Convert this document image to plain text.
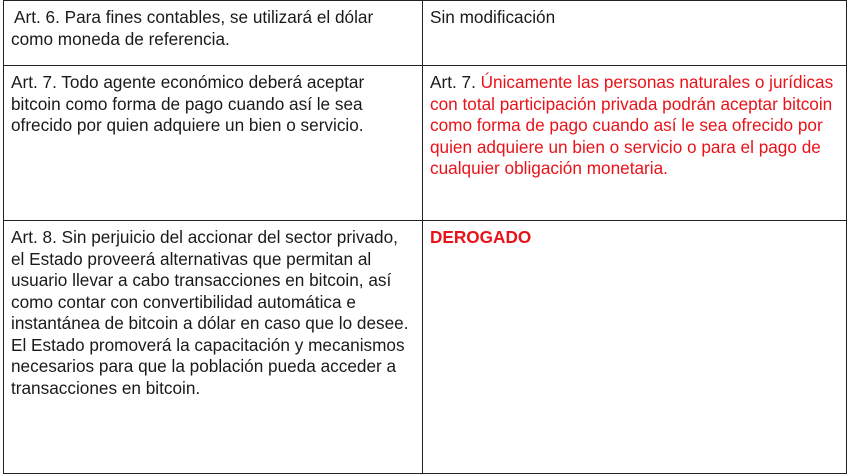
Art. 6. Para fines contables, se utilizará el dólar como moneda de referencia.	Sin modificación
Art. 7. Todo agente económico deberá aceptar bitcoin como forma de pago cuando así le sea ofrecido por quien adquiere un bien o servicio.	Art. 7. Únicamente las personas naturales o jurídicas con total participación privada podrán aceptar bitcoin como forma de pago cuando así le sea ofrecido por quien adquiere un bien o servicio o para el pago de cualquier obligación monetaria.
Art. 8. Sin perjuicio del accionar del sector privado, el Estado proveerá alternativas que permitan al usuario llevar a cabo transacciones en bitcoin, así como contar con convertibilidad automática e instantánea de bitcoin a dólar en caso que lo desee. El Estado promoverá la capacitación y mecanismos necesarios para que la población pueda acceder a transacciones en bitcoin.	DEROGADO
